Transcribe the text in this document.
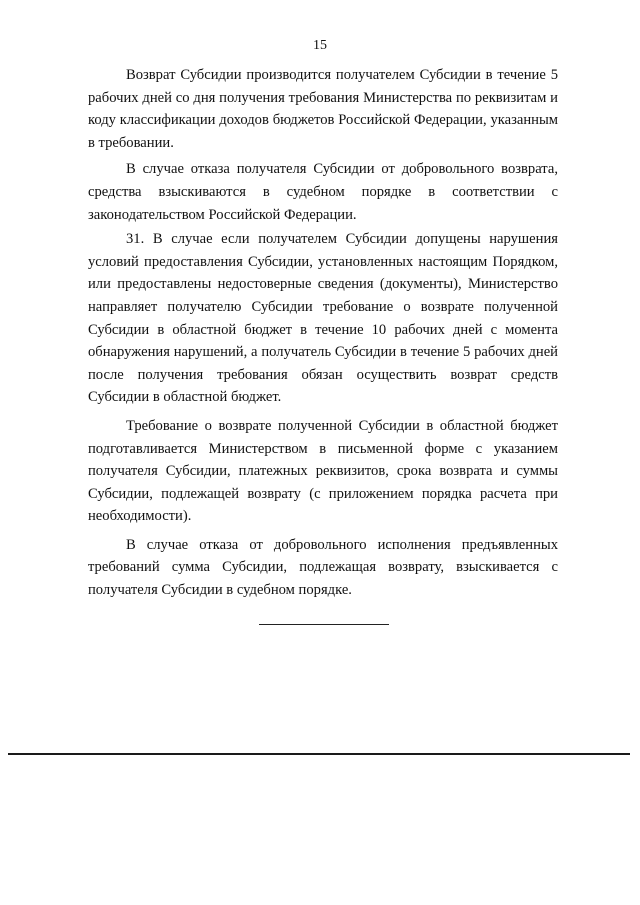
15

Возврат Субсидии производится получателем Субсидии в течение 5 рабочих дней со дня получения требования Министерства по реквизитам и коду классификации доходов бюджетов Российской Федерации, указанным в требовании.

В случае отказа получателя Субсидии от добровольного возврата, средства взыскиваются в судебном порядке в соответствии с законодательством Российской Федерации.

31. В случае если получателем Субсидии допущены нарушения условий предоставления Субсидии, установленных настоящим Порядком, или предоставлены недостоверные сведения (документы), Министерство направляет получателю Субсидии требование о возврате полученной Субсидии в областной бюджет в течение 10 рабочих дней с момента обнаружения нарушений, а получатель Субсидии в течение 5 рабочих дней после получения требования обязан осуществить возврат средств Субсидии в областной бюджет.

Требование о возврате полученной Субсидии в областной бюджет подготавливается Министерством в письменной форме с указанием получателя Субсидии, платежных реквизитов, срока возврата и суммы Субсидии, подлежащей возврату (с приложением порядка расчета при необходимости).

В случае отказа от добровольного исполнения предъявленных требований сумма Субсидии, подлежащая возврату, взыскивается с получателя Субсидии в судебном порядке.
